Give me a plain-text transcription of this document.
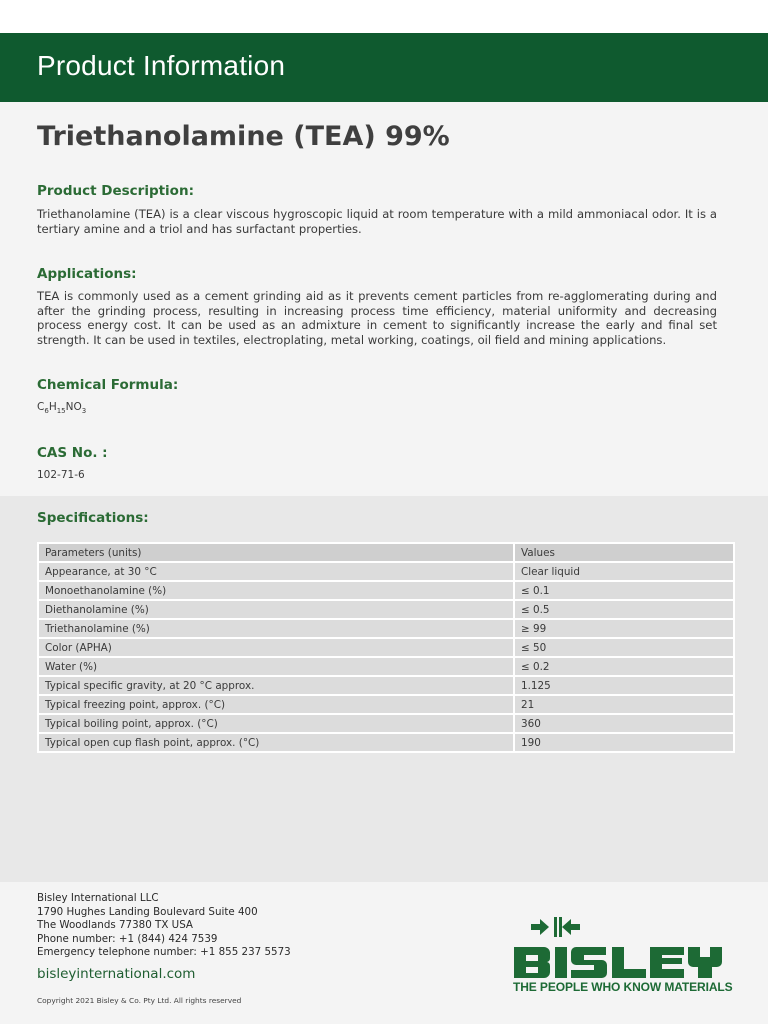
Product Information
Triethanolamine (TEA) 99%
Product Description:
Triethanolamine (TEA) is a clear viscous hygroscopic liquid at room temperature with a mild ammoniacal odor. It is a tertiary amine and a triol and has surfactant properties.
Applications:
TEA is commonly used as a cement grinding aid as it prevents cement particles from re-agglomerating during and after the grinding process, resulting in increasing process time efficiency, material uniformity and decreasing process energy cost. It can be used as an admixture in cement to significantly increase the early and final set strength. It can be used in textiles, electroplating, metal working, coatings, oil field and mining applications.
Chemical Formula:
$C_6H_{15}NO_3$
CAS No. :
102-71-6
Specifications:
Parameters (units)	Values
Appearance, at 30 °C	Clear liquid
Monoethanolamine (%)	≤ 0.1
Diethanolamine (%)	≤ 0.5
Triethanolamine (%)	≥ 99
Color (APHA)	≤ 50
Water (%)	≤ 0.2
Typical specific gravity, at 20 °C approx.	1.125
Typical freezing point, approx. (°C)	21
Typical boiling point, approx. (°C)	360
Typical open cup flash point, approx. (°C)	190
Bisley International LLC
1790 Hughes Landing Boulevard Suite 400
The Woodlands 77380 TX USA
Phone number: +1 (844) 424 7539
Emergency telephone number: +1 855 237 5573
bisleyinternational.com
Copyright 2021 Bisley & Co. Pty Ltd. All rights reserved
THE PEOPLE WHO KNOW MATERIALS
